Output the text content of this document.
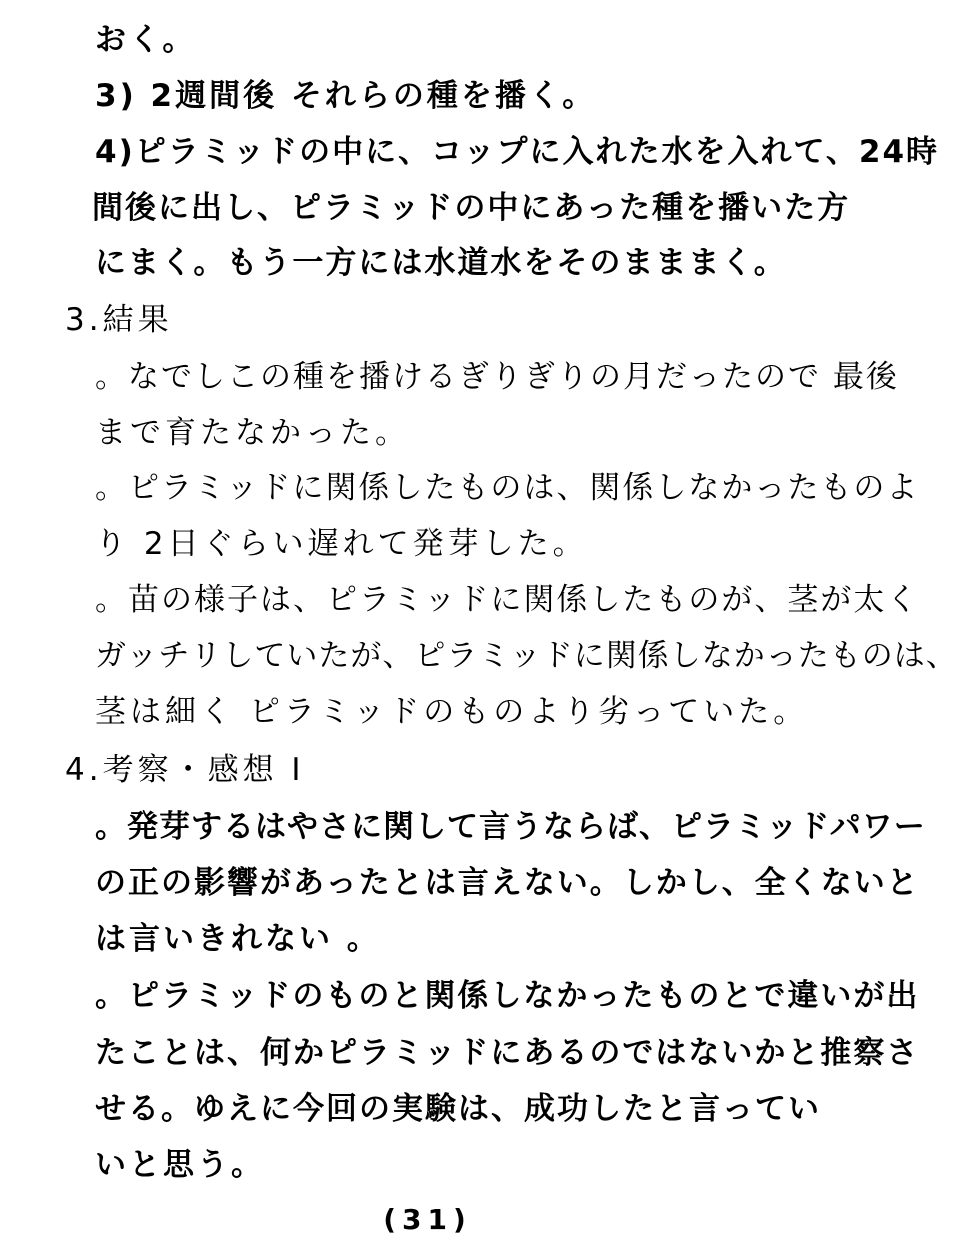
おく。
3) 2週間後 それらの種を播く。
4)ピラミッドの中に、コップに入れた水を入れて、24時
間後に出し、ピラミッドの中にあった種を播いた方
にまく。もう一方には水道水をそのまままく。
3.結果
。なでしこの種を播けるぎりぎりの月だったので 最後
まで育たなかった。
。ピラミッドに関係したものは、関係しなかったものよ
り 2日ぐらい遅れて発芽した。
。苗の様子は、ピラミッドに関係したものが、茎が太く
ガッチリしていたが、ピラミッドに関係しなかったものは、
茎は細く ピラミッドのものより劣っていた。
4.考察・感想 I
。発芽するはやさに関して言うならば、ピラミッドパワー
の正の影響があったとは言えない。しかし、全くないと
は言いきれない 。
。ピラミッドのものと関係しなかったものとで違いが出
たことは、何かピラミッドにあるのではないかと推察さ
せる。ゆえに今回の実験は、成功したと言ってい
いと思う。
(31)
